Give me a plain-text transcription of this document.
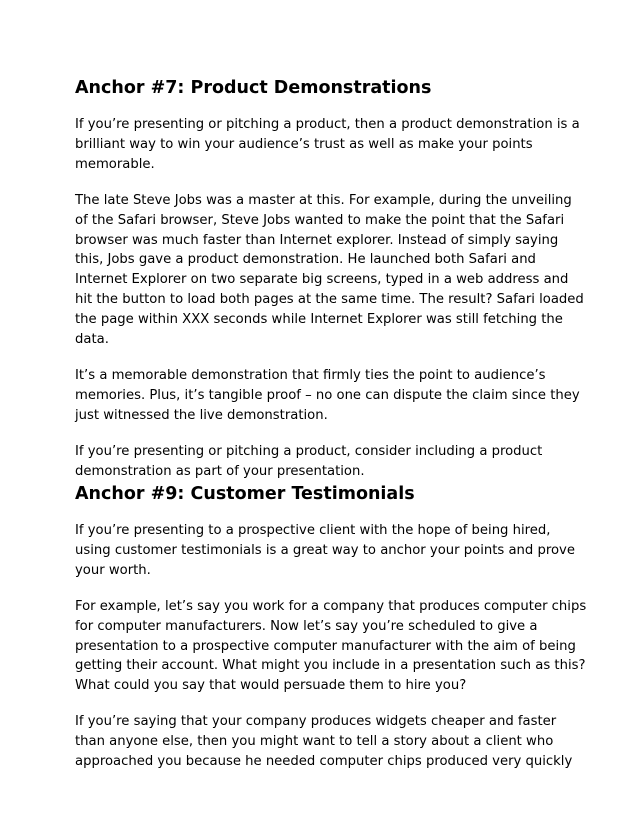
Anchor #7: Product Demonstrations

If you’re presenting or pitching a product, then a product demonstration is a
brilliant way to win your audience’s trust as well as make your points
memorable.

The late Steve Jobs was a master at this. For example, during the unveiling
of the Safari browser, Steve Jobs wanted to make the point that the Safari
browser was much faster than Internet explorer. Instead of simply saying
this, Jobs gave a product demonstration. He launched both Safari and
Internet Explorer on two separate big screens, typed in a web address and
hit the button to load both pages at the same time. The result? Safari loaded
the page within XXX seconds while Internet Explorer was still fetching the
data.

It’s a memorable demonstration that firmly ties the point to audience’s
memories. Plus, it’s tangible proof – no one can dispute the claim since they
just witnessed the live demonstration.

If you’re presenting or pitching a product, consider including a product
demonstration as part of your presentation.

Anchor #9: Customer Testimonials

If you’re presenting to a prospective client with the hope of being hired,
using customer testimonials is a great way to anchor your points and prove
your worth.

For example, let’s say you work for a company that produces computer chips
for computer manufacturers. Now let’s say you’re scheduled to give a
presentation to a prospective computer manufacturer with the aim of being
getting their account. What might you include in a presentation such as this?
What could you say that would persuade them to hire you?

If you’re saying that your company produces widgets cheaper and faster
than anyone else, then you might want to tell a story about a client who
approached you because he needed computer chips produced very quickly
